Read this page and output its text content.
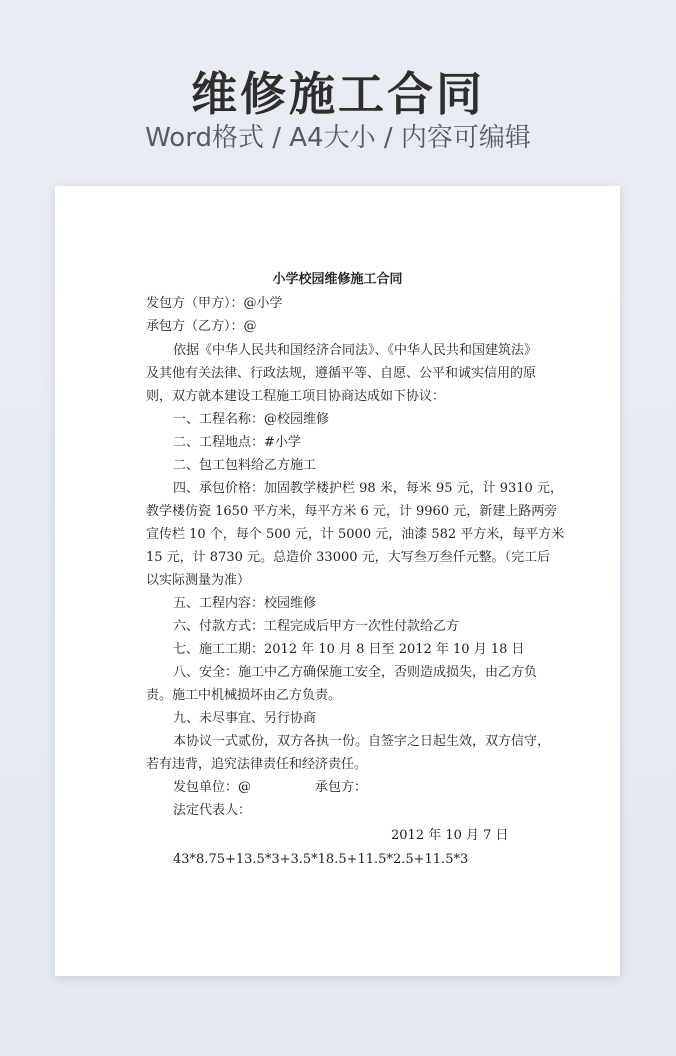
维修施工合同
Word格式 / A4大小 / 内容可编辑
小学校园维修施工合同
发包方（甲方）：@小学
承包方（乙方）：@
依据《中华人民共和国经济合同法》、《中华人民共和国建筑法》
及其他有关法律、行政法规，遵循平等、自愿、公平和诚实信用的原
则，双方就本建设工程施工项目协商达成如下协议：
一、工程名称：@校园维修
二、工程地点：#小学
二、包工包料给乙方施工
四、承包价格：加固教学楼护栏 98 米，每米 95 元，计 9310 元，
教学楼仿瓷 1650 平方米，每平方米 6 元，计 9960 元，新建上路两旁
宣传栏 10 个，每个 500 元，计 5000 元，油漆 582 平方米，每平方米
15 元，计 8730 元。总造价 33000 元，大写叁万叁仟元整。（完工后
以实际测量为准）
五、工程内容：校园维修
六、付款方式：工程完成后甲方一次性付款给乙方
七、施工工期：2012 年 10 月 8 日至 2012 年 10 月 18 日
八、安全：施工中乙方确保施工安全，否则造成损失，由乙方负
责。施工中机械损坏由乙方负责。
九、未尽事宜、另行协商
本协议一式贰份，双方各执一份。自签字之日起生效，双方信守，
若有违背，追究法律责任和经济责任。
发包单位：@	承包方：
法定代表人：
2012 年 10 月 7 日
43*8.75+13.5*3+3.5*18.5+11.5*2.5+11.5*3
